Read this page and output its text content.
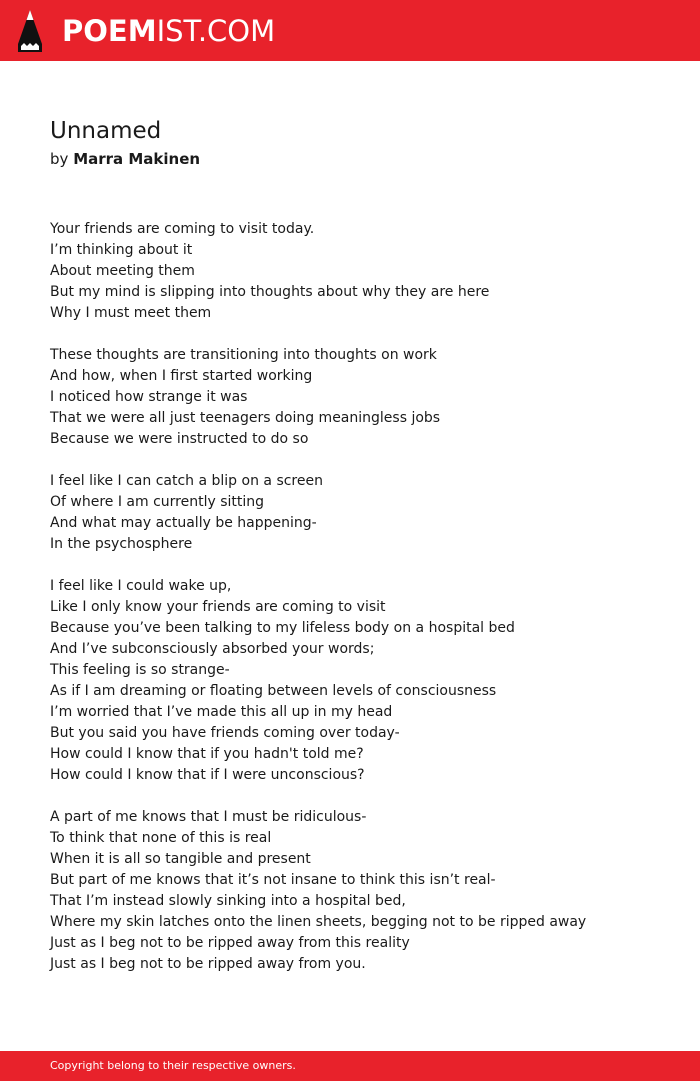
POEMIST.COM
Unnamed
by Marra Makinen
Your friends are coming to visit today.
I’m thinking about it
About meeting them
But my mind is slipping into thoughts about why they are here
Why I must meet them
These thoughts are transitioning into thoughts on work
And how, when I first started working
I noticed how strange it was
That we were all just teenagers doing meaningless jobs
Because we were instructed to do so
I feel like I can catch a blip on a screen
Of where I am currently sitting
And what may actually be happening-
In the psychosphere
I feel like I could wake up,
Like I only know your friends are coming to visit
Because you’ve been talking to my lifeless body on a hospital bed
And I’ve subconsciously absorbed your words;
This feeling is so strange-
As if I am dreaming or floating between levels of consciousness
I’m worried that I’ve made this all up in my head
But you said you have friends coming over today-
How could I know that if you hadn't told me?
How could I know that if I were unconscious?
A part of me knows that I must be ridiculous-
To think that none of this is real
When it is all so tangible and present
But part of me knows that it’s not insane to think this isn’t real-
That I’m instead slowly sinking into a hospital bed,
Where my skin latches onto the linen sheets, begging not to be ripped away
Just as I beg not to be ripped away from this reality
Just as I beg not to be ripped away from you.
Copyright belong to their respective owners.
